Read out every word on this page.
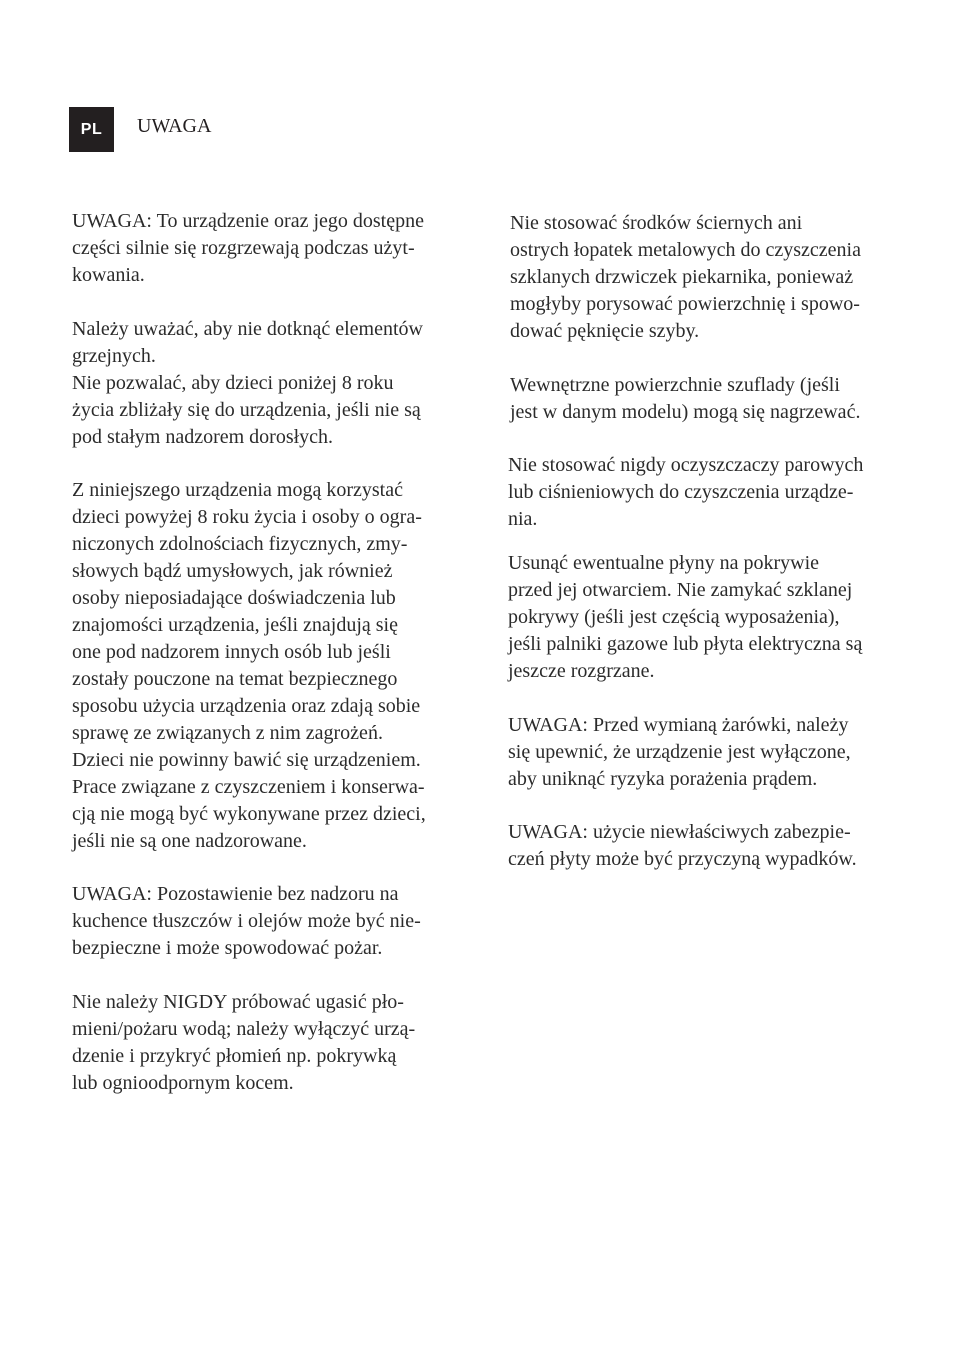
PL	UWAGA

UWAGA: To urządzenie oraz jego dostępne
części silnie się rozgrzewają podczas użyt-
kowania.

Należy uważać, aby nie dotknąć elementów
grzejnych.
Nie pozwalać, aby dzieci poniżej 8 roku
życia zbliżały się do urządzenia, jeśli nie są
pod stałym nadzorem dorosłych.

Z niniejszego urządzenia mogą korzystać
dzieci powyżej 8 roku życia i osoby o ogra-
niczonych zdolnościach fizycznych, zmy-
słowych bądź umysłowych, jak również
osoby nieposiadające doświadczenia lub
znajomości urządzenia, jeśli znajdują się
one pod nadzorem innych osób lub jeśli
zostały pouczone na temat bezpiecznego
sposobu użycia urządzenia oraz zdają sobie
sprawę ze związanych z nim zagrożeń.
Dzieci nie powinny bawić się urządzeniem.
Prace związane z czyszczeniem i konserwa-
cją nie mogą być wykonywane przez dzieci,
jeśli nie są one nadzorowane.

UWAGA: Pozostawienie bez nadzoru na
kuchence tłuszczów i olejów może być nie-
bezpieczne i może spowodować pożar.

Nie należy NIGDY próbować ugasić pło-
mieni/pożaru wodą; należy wyłączyć urzą-
dzenie i przykryć płomień np. pokrywką
lub ognioodpornym kocem.

Nie stosować środków ściernych ani
ostrych łopatek metalowych do czyszczenia
szklanych drzwiczek piekarnika, ponieważ
mogłyby porysować powierzchnię i spowo-
dować pęknięcie szyby.

Wewnętrzne powierzchnie szuflady (jeśli
jest w danym modelu) mogą się nagrzewać.

Nie stosować nigdy oczyszczaczy parowych
lub ciśnieniowych do czyszczenia urządze-
nia.

Usunąć ewentualne płyny na pokrywie
przed jej otwarciem. Nie zamykać szklanej
pokrywy (jeśli jest częścią wyposażenia),
jeśli palniki gazowe lub płyta elektryczna są
jeszcze rozgrzane.

UWAGA: Przed wymianą żarówki, należy
się upewnić, że urządzenie jest wyłączone,
aby uniknąć ryzyka porażenia prądem.

UWAGA: użycie niewłaściwych zabezpie-
czeń płyty może być przyczyną wypadków.
